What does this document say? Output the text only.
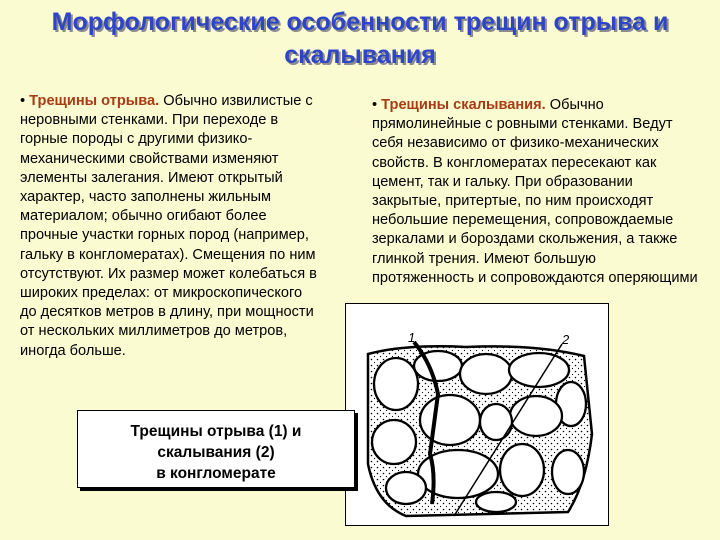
Морфологические особенности трещин отрыва и скалывания
• Трещины отрыва. Обычно извилистые с неровными стенками. При переходе в горные породы с другими физико-механическими свойствами изменяют элементы залегания. Имеют открытый характер, часто заполнены жильным материалом; обычно огибают более прочные участки горных пород (например, гальку в конгломератах). Смещения по ним отсутствуют. Их размер может колебаться в широких пределах: от микроскопического до десятков метров в длину, при мощности от нескольких миллиметров до метров, иногда больше.
• Трещины скалывания. Обычно прямолинейные с ровными стенками. Ведут себя независимо от физико-механических свойств. В конгломератах пересекают как цемент, так и гальку. При образовании закрытые, притертые, по ним происходят небольшие перемещения, сопровождаемые зеркалами и бороздами скольжения, а также глинкой трения. Имеют большую протяженность и сопровождаются оперяющими
1	2
Трещины отрыва (1) и
скалывания (2)
в конгломерате
